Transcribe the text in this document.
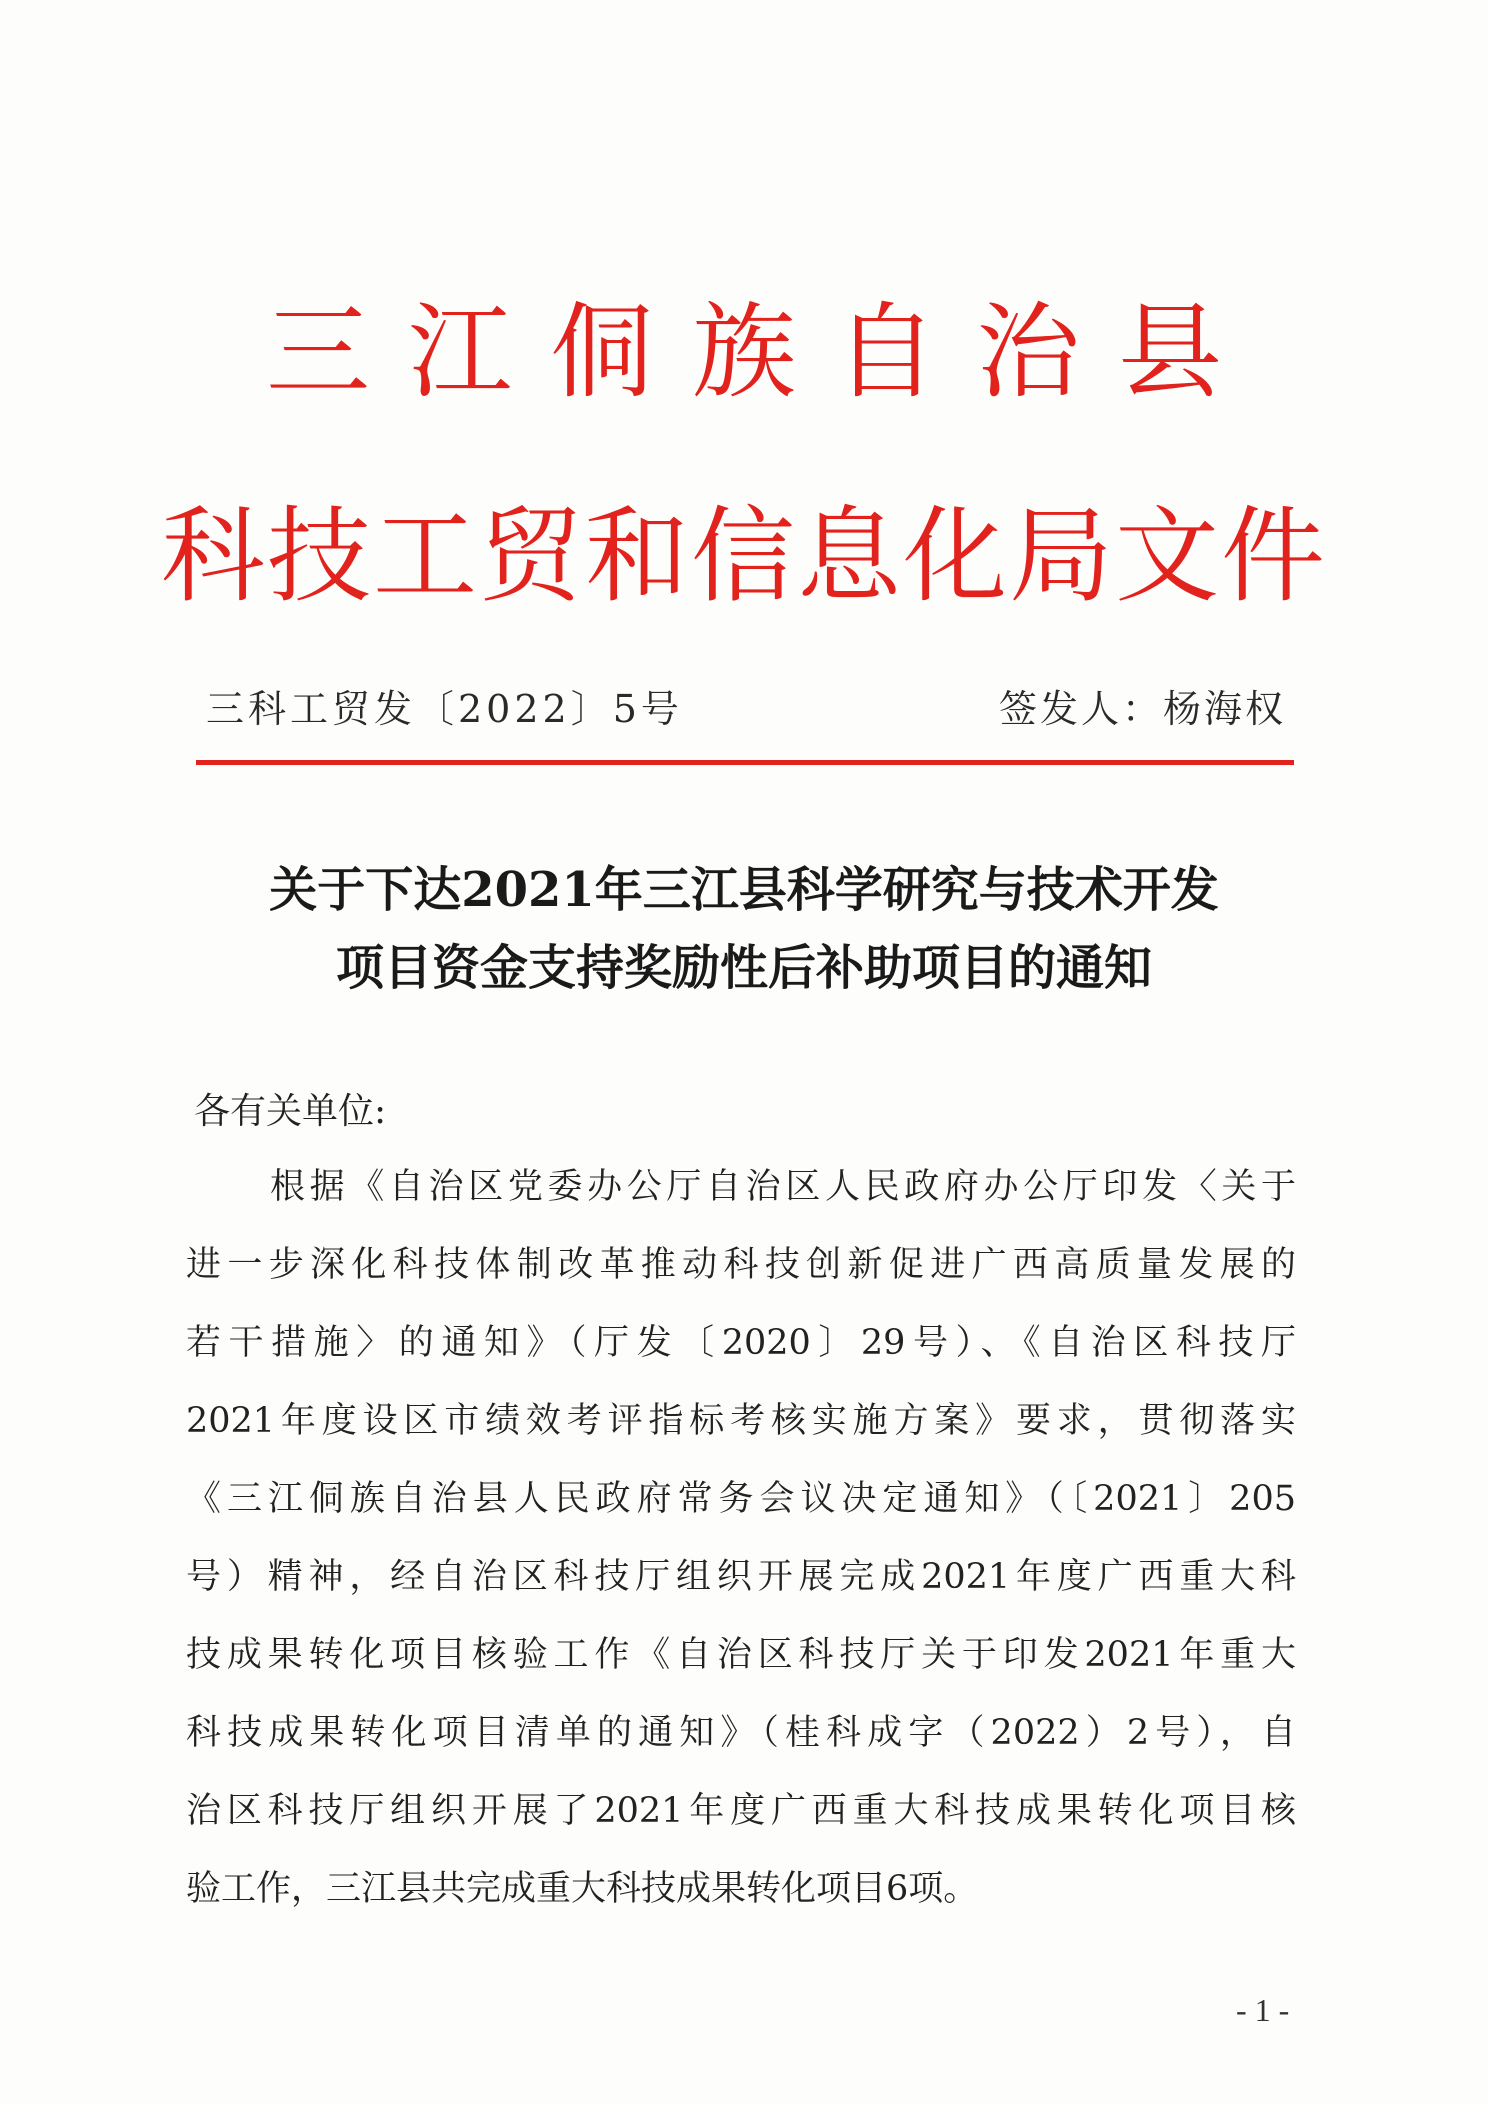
三江侗族自治县
科技工贸和信息化局文件
三科工贸发〔2022〕5号	签发人：杨海权
关于下达2021年三江县科学研究与技术开发
项目资金支持奖励性后补助项目的通知
各有关单位:
根据《自治区党委办公厅自治区人民政府办公厅印发〈关于
进一步深化科技体制改革推动科技创新促进广西高质量发展的
若干措施〉的通知》（厅发〔2020〕29号）、《自治区科技厅
2021年度设区市绩效考评指标考核实施方案》要求，贯彻落实
《三江侗族自治县人民政府常务会议决定通知》（〔2021〕205
号）精神，经自治区科技厅组织开展完成2021年度广西重大科
技成果转化项目核验工作《自治区科技厅关于印发2021年重大
科技成果转化项目清单的通知》（桂科成字（2022）2号），自
治区科技厅组织开展了2021年度广西重大科技成果转化项目核
验工作，三江县共完成重大科技成果转化项目6项。
- 1 -
